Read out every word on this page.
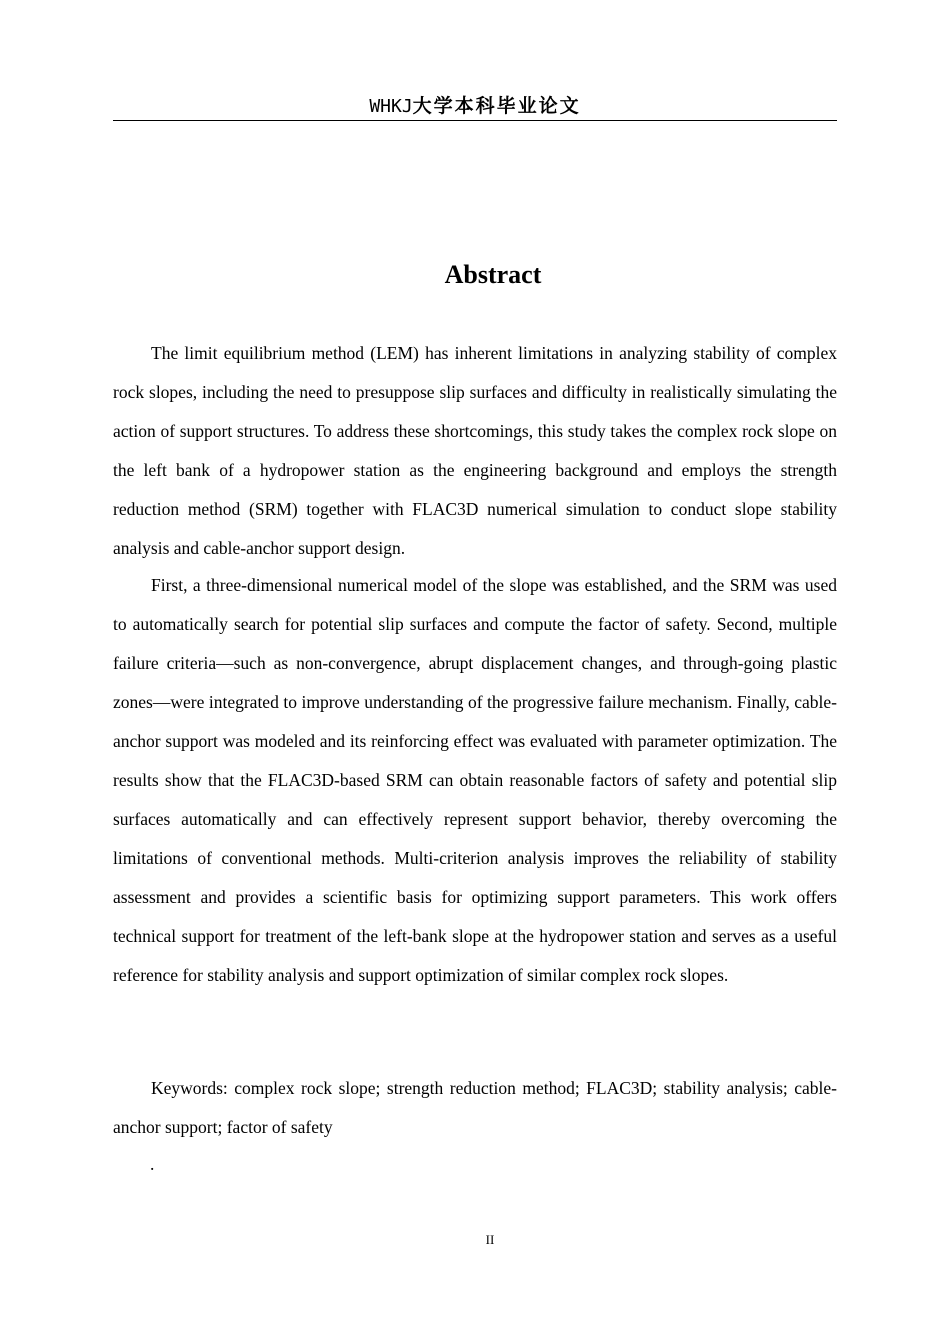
WHKJ大学本科毕业论文
Abstract

The limit equilibrium method (LEM) has inherent limitations in analyzing stability of complex rock slopes, including the need to presuppose slip surfaces and difficulty in realistically simulating the action of support structures. To address these shortcomings, this study takes the complex rock slope on the left bank of a hydropower station as the engineering background and employs the strength reduction method (SRM) together with FLAC3D numerical simulation to conduct slope stability analysis and cable-anchor support design.

First, a three-dimensional numerical model of the slope was established, and the SRM was used to automatically search for potential slip surfaces and compute the factor of safety. Second, multiple failure criteria—such as non-convergence, abrupt displacement changes, and through-going plastic zones—were integrated to improve understanding of the progressive failure mechanism. Finally, cable-anchor support was modeled and its reinforcing effect was evaluated with parameter optimization. The results show that the FLAC3D-based SRM can obtain reasonable factors of safety and potential slip surfaces automatically and can effectively represent support behavior, thereby overcoming the limitations of conventional methods. Multi-criterion analysis improves the reliability of stability assessment and provides a scientific basis for optimizing support parameters. This work offers technical support for treatment of the left-bank slope at the hydropower station and serves as a useful reference for stability analysis and support optimization of similar complex rock slopes.

Keywords: complex rock slope; strength reduction method; FLAC3D; stability analysis; cable-anchor support; factor of safety

.
II
